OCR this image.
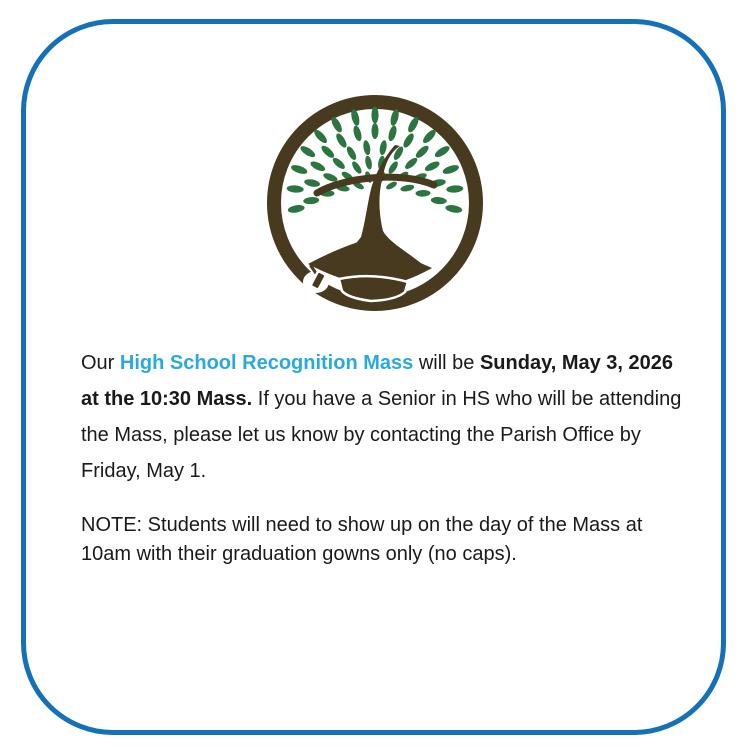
Our High School Recognition Mass will be Sunday, May 3, 2026 at the 10:30 Mass. If you have a Senior in HS who will be attending the Mass, please let us know by contacting the Parish Office by Friday, May 1.

NOTE: Students will need to show up on the day of the Mass at 10am with their graduation gowns only (no caps).
